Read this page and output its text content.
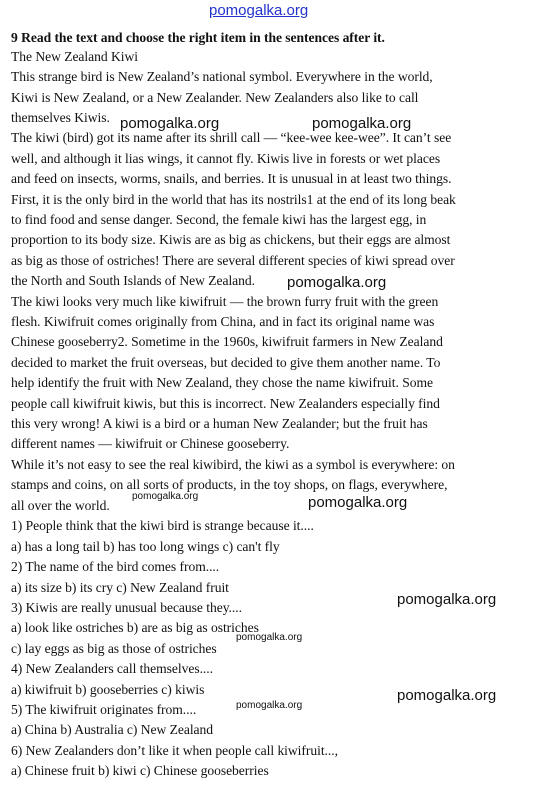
pomogalka.org
9 Read the text and choose the right item in the sentences after it.
The New Zealand Kiwi
This strange bird is New Zealand’s national symbol. Everywhere in the world,
Kiwi is New Zealand, or a New Zealander. New Zealanders also like to call
themselves Kiwis.
The kiwi (bird) got its name after its shrill call — “kee-wee kee-wee”. It can’t see
well, and although it lias wings, it cannot fly. Kiwis live in forests or wet places
and feed on insects, worms, snails, and berries. It is unusual in at least two things.
First, it is the only bird in the world that has its nostrils1 at the end of its long beak
to find food and sense danger. Second, the female kiwi has the largest egg, in
proportion to its body size. Kiwis are as big as chickens, but their eggs are almost
as big as those of ostriches! There are several different species of kiwi spread over
the North and South Islands of New Zealand.
The kiwi looks very much like kiwifruit — the brown furry fruit with the green
flesh. Kiwifruit comes originally from China, and in fact its original name was
Chinese gooseberry2. Sometime in the 1960s, kiwifruit farmers in New Zealand
decided to market the fruit overseas, but decided to give them another name. To
help identify the fruit with New Zealand, they chose the name kiwifruit. Some
people call kiwifruit kiwis, but this is incorrect. New Zealanders especially find
this very wrong! A kiwi is a bird or a human New Zealander; but the fruit has
different names — kiwifruit or Chinese gooseberry.
While it’s not easy to see the real kiwibird, the kiwi as a symbol is everywhere: on
stamps and coins, on all sorts of products, in the toy shops, on flags, everywhere,
all over the world.
1) People think that the kiwi bird is strange because it....
a) has a long tail b) has too long wings c) can't fly
2) The name of the bird comes from....
a) its size b) its cry c) New Zealand fruit
3) Kiwis are really unusual because they....
a) look like ostriches b) are as big as ostriches
c) lay eggs as big as those of ostriches
4) New Zealanders call themselves....
a) kiwifruit b) gooseberries c) kiwis
5) The kiwifruit originates from....
a) China b) Australia c) New Zealand
6) New Zealanders don’t like it when people call kiwifruit...,
a) Chinese fruit b) kiwi c) Chinese gooseberries
pomogalka.org	pomogalka.org
pomogalka.org
pomogalka.org	pomogalka.org
pomogalka.org
pomogalka.org
pomogalka.org
pomogalka.org
